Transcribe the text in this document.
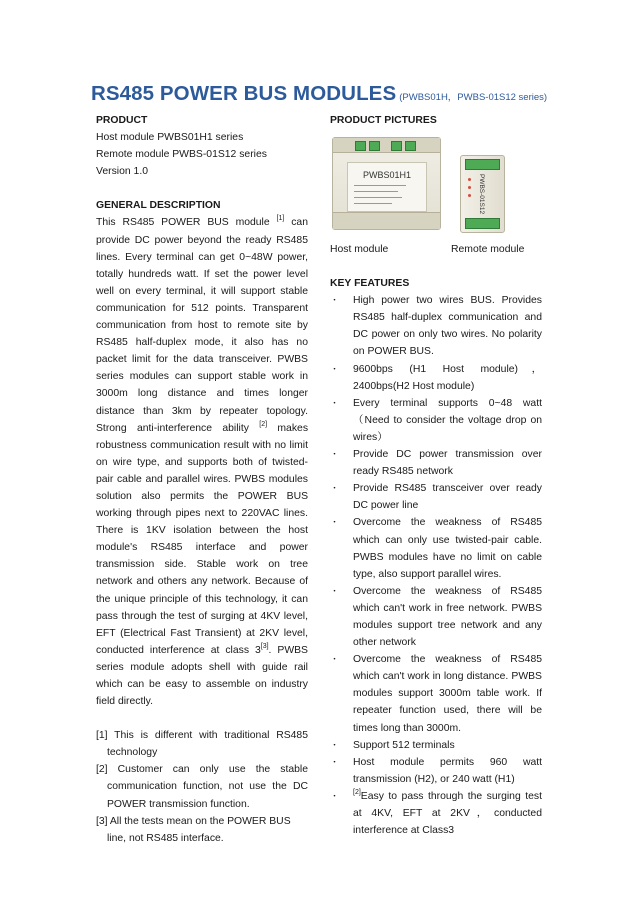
RS485 POWER BUS MODULES (PWBS01H，PWBS-01S12 series)
PRODUCT
Host module PWBS01H1 series
Remote module PWBS-01S12 series
Version 1.0
GENERAL DESCRIPTION

This RS485 POWER BUS module [1] can provide DC power beyond the ready RS485 lines. Every terminal can get 0~48W power, totally hundreds watt. If set the power level well on every terminal, it will support stable communication for 512 points. Transparent communication from host to remote site by RS485 half-duplex mode, it also has no packet limit for the data transceiver. PWBS series modules can support stable work in 3000m long distance and times longer distance than 3km by repeater topology. Strong anti-interference ability [2] makes robustness communication result with no limit on wire type, and supports both of twisted-pair cable and parallel wires. PWBS modules solution also permits the POWER BUS working through pipes next to 220VAC lines. There is 1KV isolation between the host module's RS485 interface and power transmission side. Stable work on tree network and others any network. Because of the unique principle of this technology, it can pass through the test of surging at 4KV level, EFT (Electrical Fast Transient) at 2KV level, conducted interference at class 3[3]. PWBS series module adopts shell with guide rail which can be easy to assemble on industry field directly.

[1] This is different with traditional RS485 technology
[2] Customer can only use the stable communication function, not use the DC POWER transmission function.
[3] All the tests mean on the POWER BUS line, not RS485 interface.
PRODUCT PICTURES
PWBS01H1	PWBS-01S12
Host module	Remote module
KEY FEATURES
・	High power two wires BUS. Provides RS485 half-duplex communication and DC power on only two wires. No polarity on POWER BUS.
・	9600bps (H1 Host module)，2400bps(H2 Host module)
・	Every terminal supports 0~48 watt（Need to consider the voltage drop on wires）
・	Provide DC power transmission over ready RS485 network
・	Provide RS485 transceiver over ready DC power line
・	Overcome the weakness of RS485 which can only use twisted-pair cable. PWBS modules have no limit on cable type, also support parallel wires.
・	Overcome the weakness of RS485 which can't work in free network. PWBS modules support tree network and any other network
・	Overcome the weakness of RS485 which can't work in long distance. PWBS modules support 3000m table work. If repeater function used, there will be times long than 3000m.
・	Support 512 terminals
・	Host module permits 960 watt transmission (H2), or 240 watt (H1)
・	[2]Easy to pass through the surging test at 4KV, EFT at 2KV，conducted interference at Class3
